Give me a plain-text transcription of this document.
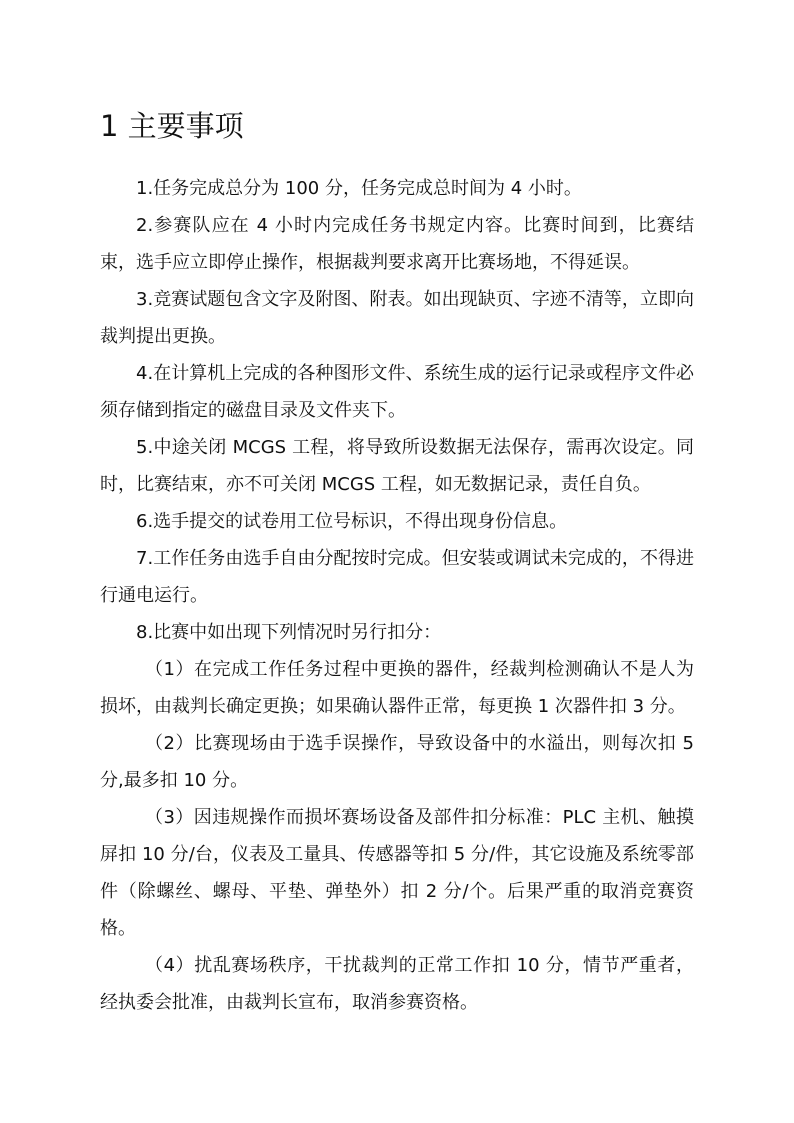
1 主要事项

1.任务完成总分为 100 分，任务完成总时间为 4 小时。

2.参赛队应在 4 小时内完成任务书规定内容。比赛时间到，比赛结束，选手应立即停止操作，根据裁判要求离开比赛场地，不得延误。

3.竞赛试题包含文字及附图、附表。如出现缺页、字迹不清等，立即向裁判提出更换。

4.在计算机上完成的各种图形文件、系统生成的运行记录或程序文件必须存储到指定的磁盘目录及文件夹下。

5.中途关闭 MCGS 工程，将导致所设数据无法保存，需再次设定。同时，比赛结束，亦不可关闭 MCGS 工程，如无数据记录，责任自负。

6.选手提交的试卷用工位号标识，不得出现身份信息。

7.工作任务由选手自由分配按时完成。但安装或调试未完成的，不得进行通电运行。

8.比赛中如出现下列情况时另行扣分：

（1）在完成工作任务过程中更换的器件，经裁判检测确认不是人为损坏，由裁判长确定更换；如果确认器件正常，每更换 1 次器件扣 3 分。

（2）比赛现场由于选手误操作，导致设备中的水溢出，则每次扣 5 分,最多扣 10 分。

（3）因违规操作而损坏赛场设备及部件扣分标准：PLC 主机、触摸屏扣 10 分/台，仪表及工量具、传感器等扣 5 分/件，其它设施及系统零部件（除螺丝、螺母、平垫、弹垫外）扣 2 分/个。后果严重的取消竞赛资格。

（4）扰乱赛场秩序，干扰裁判的正常工作扣 10 分，情节严重者，经执委会批准，由裁判长宣布，取消参赛资格。
